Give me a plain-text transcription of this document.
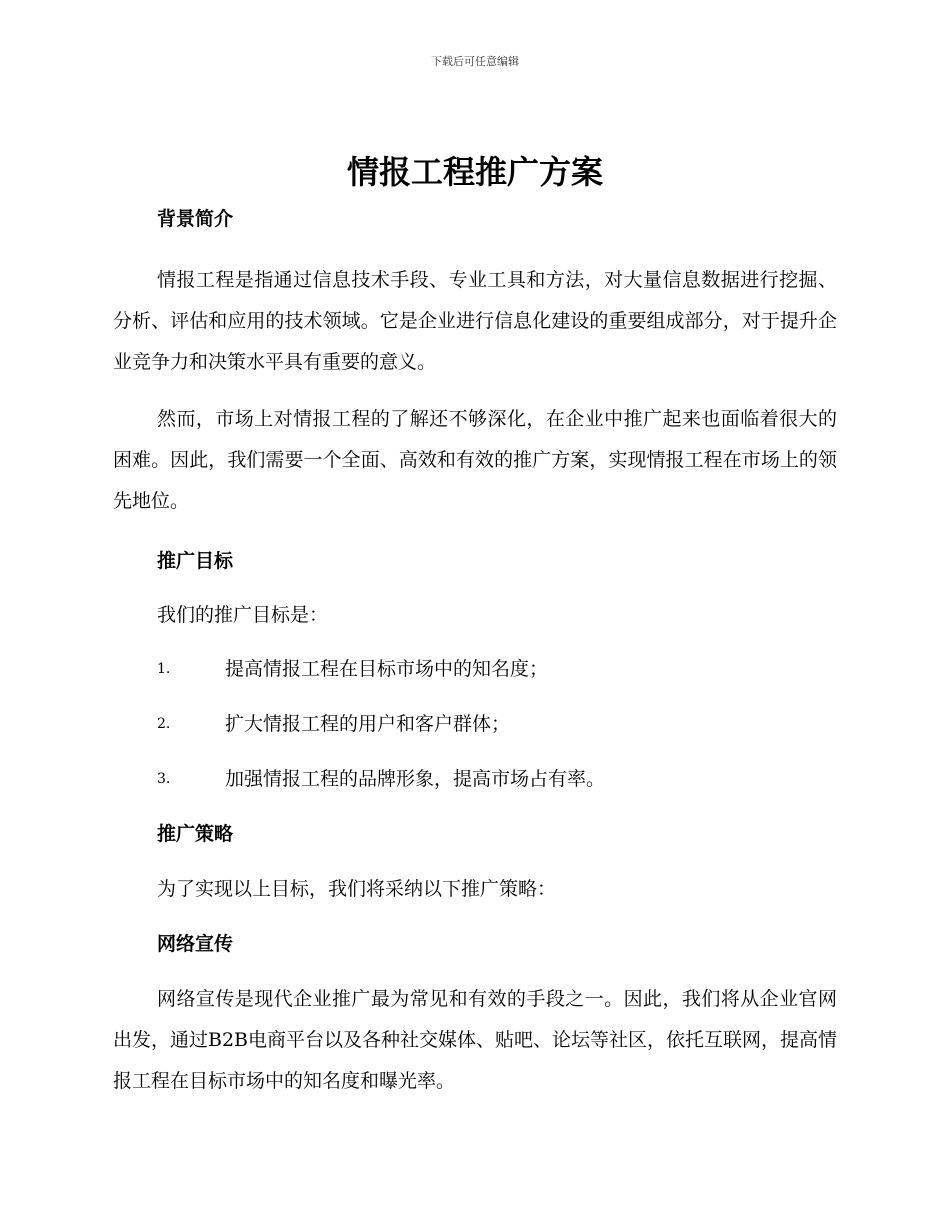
下载后可任意编辑
情报工程推广方案
背景简介

情报工程是指通过信息技术手段、专业工具和方法，对大量信息数据进行挖掘、分析、评估和应用的技术领域。它是企业进行信息化建设的重要组成部分，对于提升企业竞争力和决策水平具有重要的意义。

然而，市场上对情报工程的了解还不够深化，在企业中推广起来也面临着很大的困难。因此，我们需要一个全面、高效和有效的推广方案，实现情报工程在市场上的领先地位。

推广目标

我们的推广目标是：

1.	提高情报工程在目标市场中的知名度；
2.	扩大情报工程的用户和客户群体；
3.	加强情报工程的品牌形象，提高市场占有率。
推广策略

为了实现以上目标，我们将采纳以下推广策略：

网络宣传

网络宣传是现代企业推广最为常见和有效的手段之一。因此，我们将从企业官网出发，通过B2B电商平台以及各种社交媒体、贴吧、论坛等社区，依托互联网，提高情报工程在目标市场中的知名度和曝光率。
